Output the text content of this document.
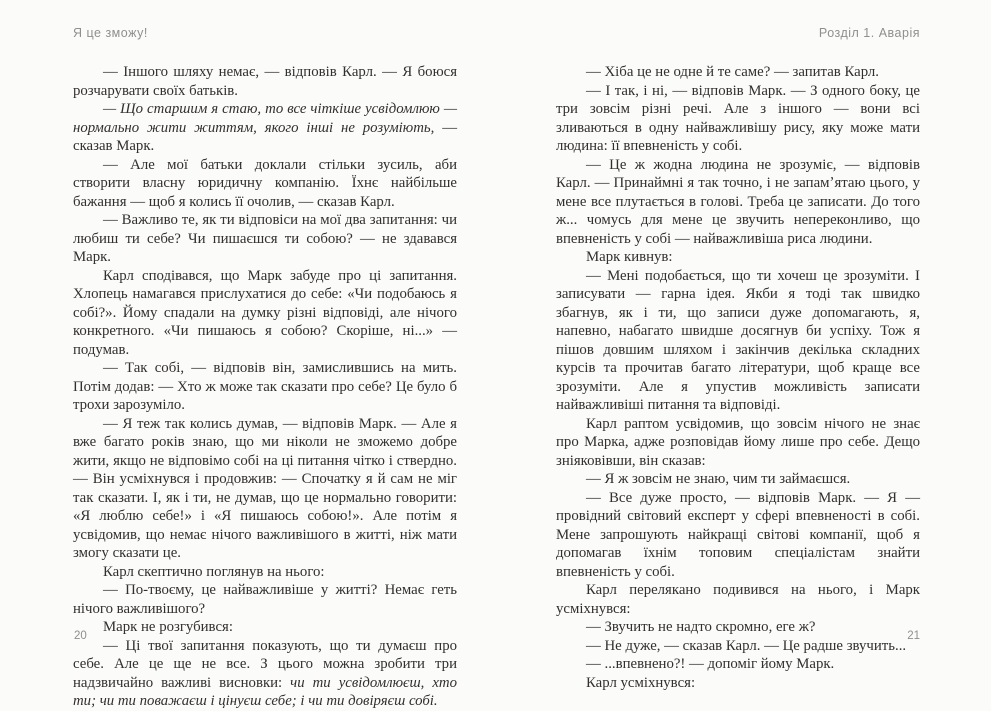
Я це зможу!

— Іншого шляху немає, — відповів Карл. — Я боюся розчарувати своїх батьків.

— Що старшим я стаю, то все чіткіше усвідомлюю — нормально жити життям, якого інші не розуміють, — сказав Марк.

— Але мої батьки доклали стільки зусиль, аби створити власну юридичну компанію. Їхнє найбільше бажання — щоб я колись її очолив, — сказав Карл.

— Важливо те, як ти відповіси на мої два запитання: чи любиш ти себе? Чи пишаєшся ти собою? — не здавався Марк.

Карл сподівався, що Марк забуде про ці запитання. Хлопець намагався прислухатися до себе: «Чи подобаюсь я собі?». Йому спадали на думку різні відповіді, але нічого конкретного. «Чи пишаюсь я собою? Скоріше, ні...» — подумав.

— Так собі, — відповів він, замислившись на мить. Потім додав: — Хто ж може так сказати про себе? Це було б трохи зарозуміло.

— Я теж так колись думав, — відповів Марк. — Але я вже багато років знаю, що ми ніколи не зможемо добре жити, якщо не відповімо собі на ці питання чітко і ствердно. — Він усміхнувся і продовжив: — Спочатку я й сам не міг так сказати. І, як і ти, не думав, що це нормально говорити: «Я люблю себе!» і «Я пишаюсь собою!». Але потім я усвідомив, що немає нічого важливішого в житті, ніж мати змогу сказати це.

Карл скептично поглянув на нього:

— По-твоєму, це найважливіше у житті? Немає геть нічого важливішого?

Марк не розгубився:

— Ці твої запитання показують, що ти думаєш про себе. Але це ще не все. З цього можна зробити три надзвичайно важливі висновки: чи ти усвідомлюєш, хто ти; чи ти поважаєш і цінуєш себе; і чи ти довіряєш собі.

20
Розділ 1. Аварія

— Хіба це не одне й те саме? — запитав Карл.

— І так, і ні, — відповів Марк. — З одного боку, це три зовсім різні речі. Але з іншого — вони всі зливаються в одну найважливішу рису, яку може мати людина: її впевненість у собі.

— Це ж жодна людина не зрозуміє, — відповів Карл. — Принаймні я так точно, і не запамʼятаю цього, у мене все плутається в голові. Треба це записати. До того ж... чомусь для мене це звучить непереконливо, що впевненість у собі — найважливіша риса людини.

Марк кивнув:

— Мені подобається, що ти хочеш це зрозуміти. І записувати — гарна ідея. Якби я тоді так швидко збагнув, як і ти, що записи дуже допомагають, я, напевно, набагато швидше досягнув би успіху. Тож я пішов довшим шляхом і закінчив декілька складних курсів та прочитав багато літератури, щоб краще все зрозуміти. Але я упустив можливість записати найважливіші питання та відповіді.

Карл раптом усвідомив, що зовсім нічого не знає про Марка, адже розповідав йому лише про себе. Дещо зніяковівши, він сказав:

— Я ж зовсім не знаю, чим ти займаєшся.

— Все дуже просто, — відповів Марк. — Я — провідний світовий експерт у сфері впевненості в собі. Мене запрошують найкращі світові компанії, щоб я допомагав їхнім топовим спеціалістам знайти впевненість у собі.

Карл перелякано подивився на нього, і Марк усміхнувся:

— Звучить не надто скромно, еге ж?

— Не дуже, — сказав Карл. — Це радше звучить...

— ...впевнено?! — допоміг йому Марк.

Карл усміхнувся:

21
